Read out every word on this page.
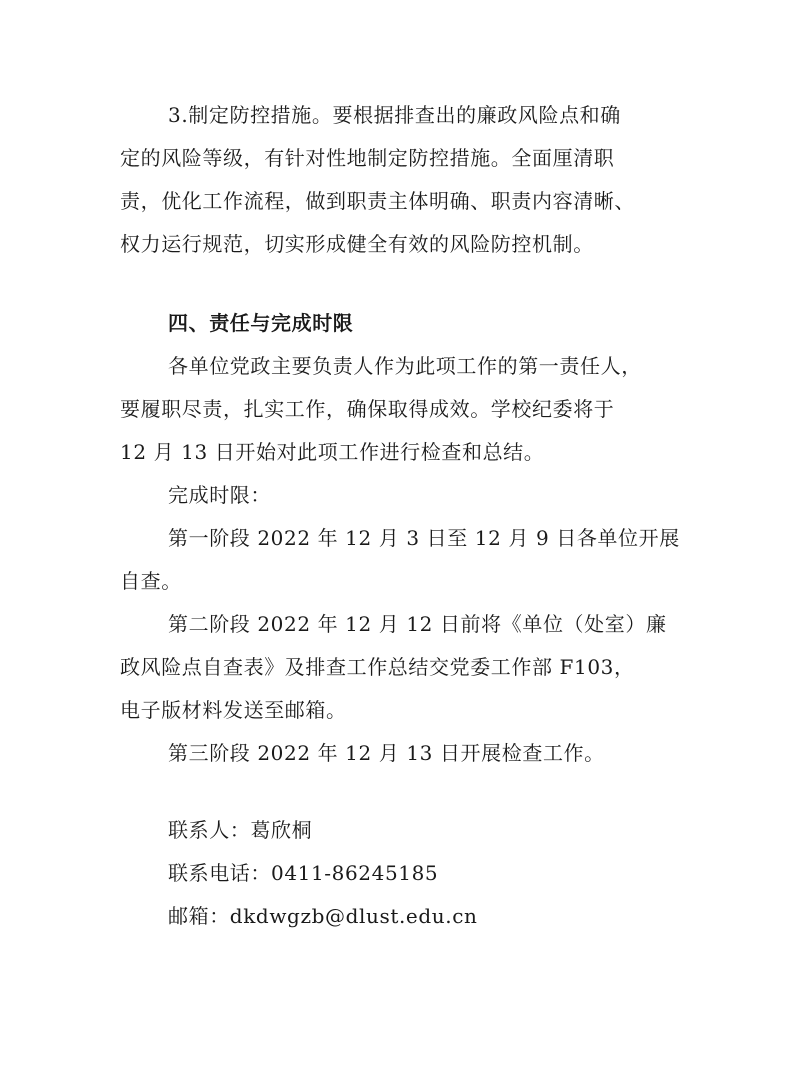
3.制定防控措施。要根据排查出的廉政风险点和确
定的风险等级，有针对性地制定防控措施。全面厘清职
责，优化工作流程，做到职责主体明确、职责内容清晰、
权力运行规范，切实形成健全有效的风险防控机制。
四、责任与完成时限
各单位党政主要负责人作为此项工作的第一责任人，
要履职尽责，扎实工作，确保取得成效。学校纪委将于
12 月 13 日开始对此项工作进行检查和总结。
完成时限：
第一阶段 2022 年 12 月 3 日至 12 月 9 日各单位开展
自查。
第二阶段 2022 年 12 月 12 日前将《单位（处室）廉
政风险点自查表》及排查工作总结交党委工作部 F103，
电子版材料发送至邮箱。
第三阶段 2022 年 12 月 13 日开展检查工作。
联系人：葛欣桐
联系电话：0411-86245185
邮箱：dkdwgzb@dlust.edu.cn
